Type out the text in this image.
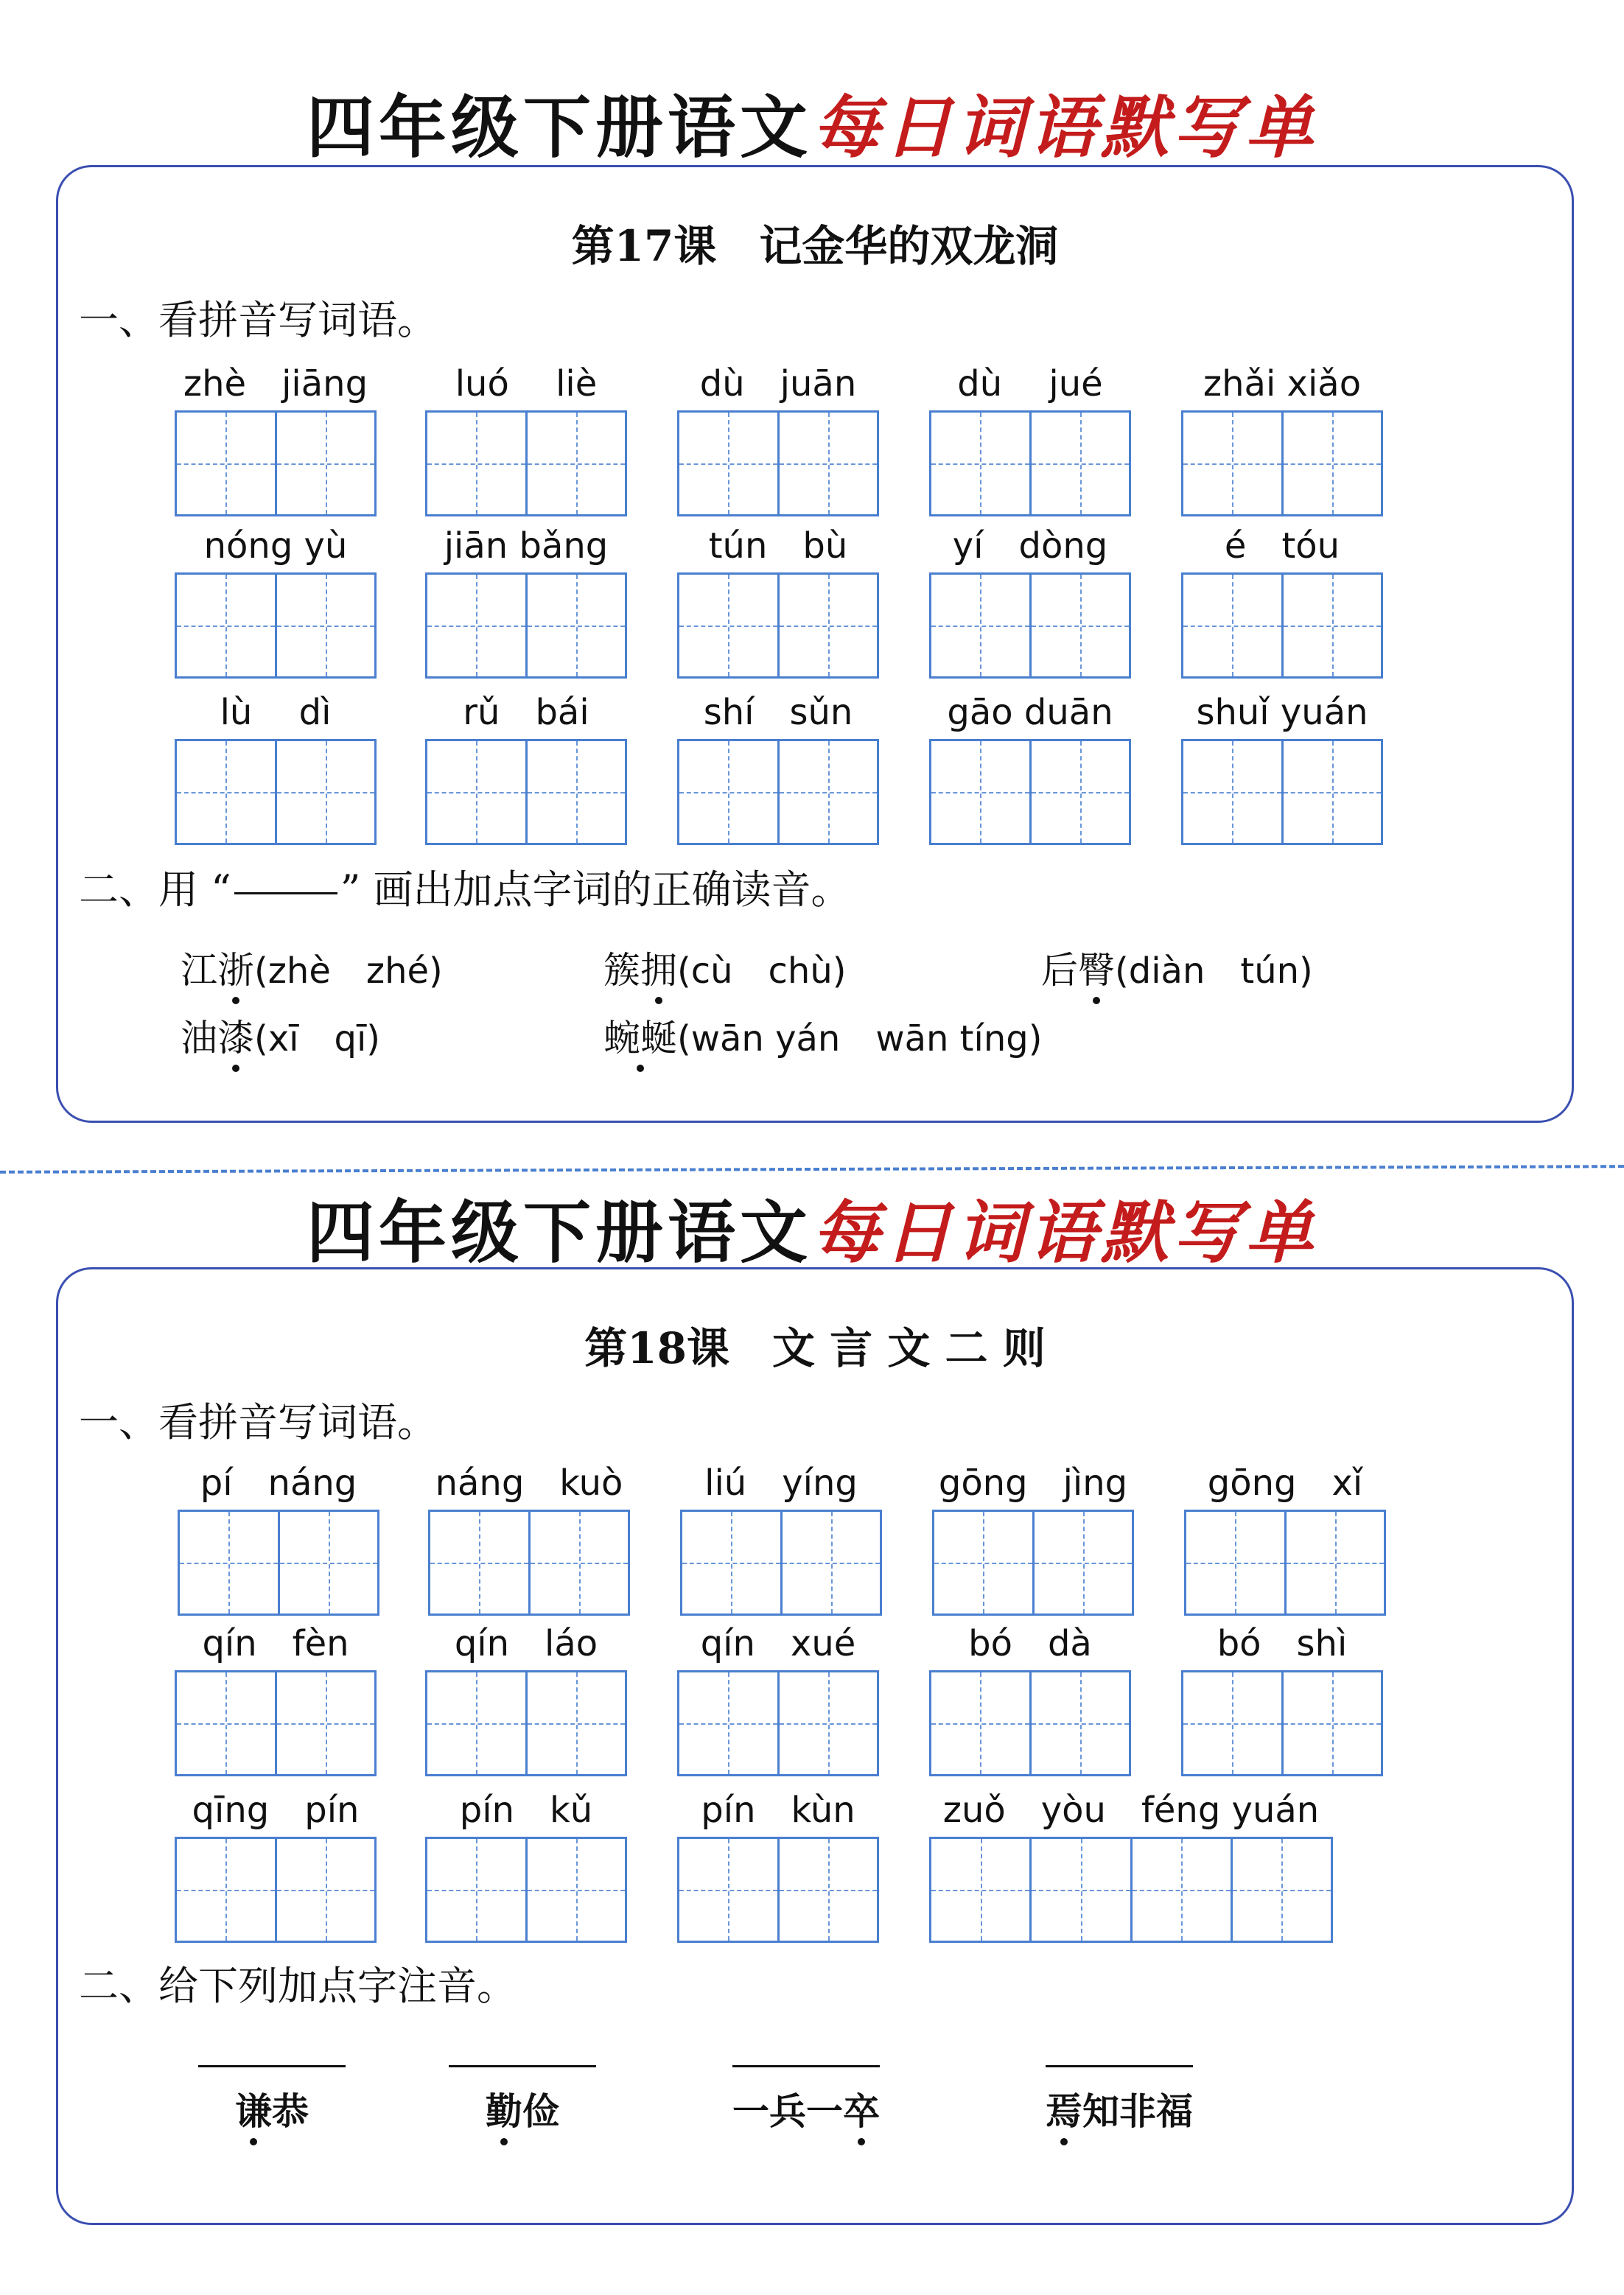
四年级下册语文每日词语默写单
第17课　记金华的双龙洞
一、看拼音写词语。
zhè　jiāng	luó　 liè	dù　juān	dù　 jué	zhǎi xiǎo
nóng yù	jiān bǎng	tún　bù	yí　dòng	é　tóu
lù　 dì	rǔ　bái	shí　sǔn	gāo duān	shuǐ yuán
二、用 “	” 画出加点字词的正确读音。
江浙(zhè　zhé)	簇拥(cù　chù)	后臀(diàn　tún)
油漆(xī　qī)	蜿蜒(wān yán　wān tíng)
四年级下册语文每日词语默写单
第18课　文 言 文 二 则
一、看拼音写词语。
pí　náng	náng　kuò	liú　yíng	gōng　jìng	gōng　xǐ
qín　fèn	qín　láo	qín　xué	bó　dà	bó　shì
qīng　pín	pín　kǔ	pín　kùn	zuǒ　yòu　féng yuán
二、给下列加点字注音。
谦恭	勤俭	一兵一卒	焉知非福
